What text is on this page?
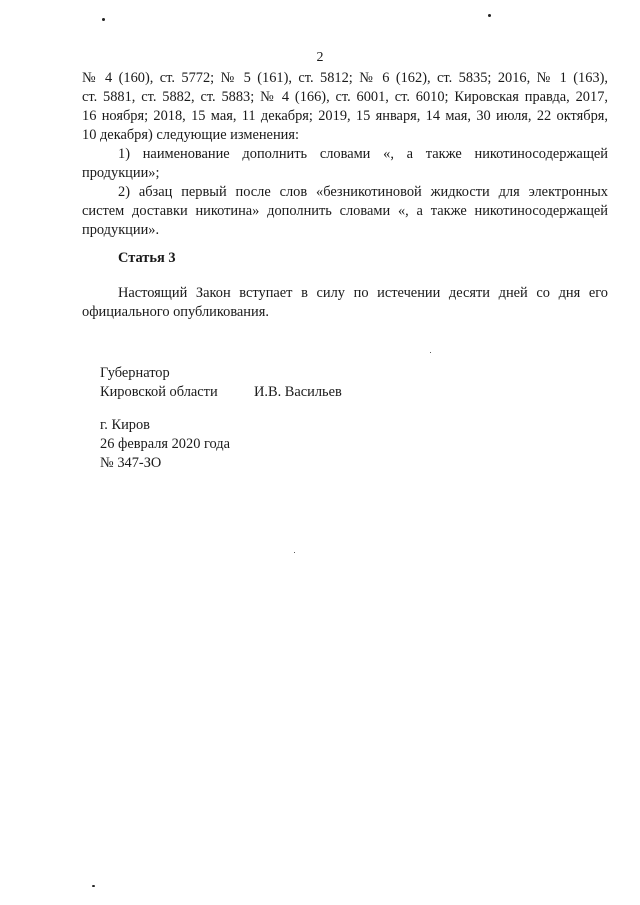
2
№ 4 (160), ст. 5772; № 5 (161), ст. 5812; № 6 (162), ст. 5835; 2016, № 1 (163),
ст. 5881, ст. 5882, ст. 5883; № 4 (166), ст. 6001, ст. 6010; Кировская правда, 2017,
16 ноября; 2018, 15 мая, 11 декабря; 2019, 15 января, 14 мая, 30 июля, 22 октября,
10 декабря) следующие изменения:
1) наименование дополнить словами «, а также никотиносодержащей
продукции»;
2) абзац первый после слов «безникотиновой жидкости для электронных
систем доставки никотина» дополнить словами «, а также никотиносодержащей
продукции».
Статья 3
Настоящий Закон вступает в силу по истечении десяти дней со дня его
официального опубликования.
Губернатор
Кировской области	И.В. Васильев
г. Киров
26 февраля 2020 года
№ 347-ЗО
